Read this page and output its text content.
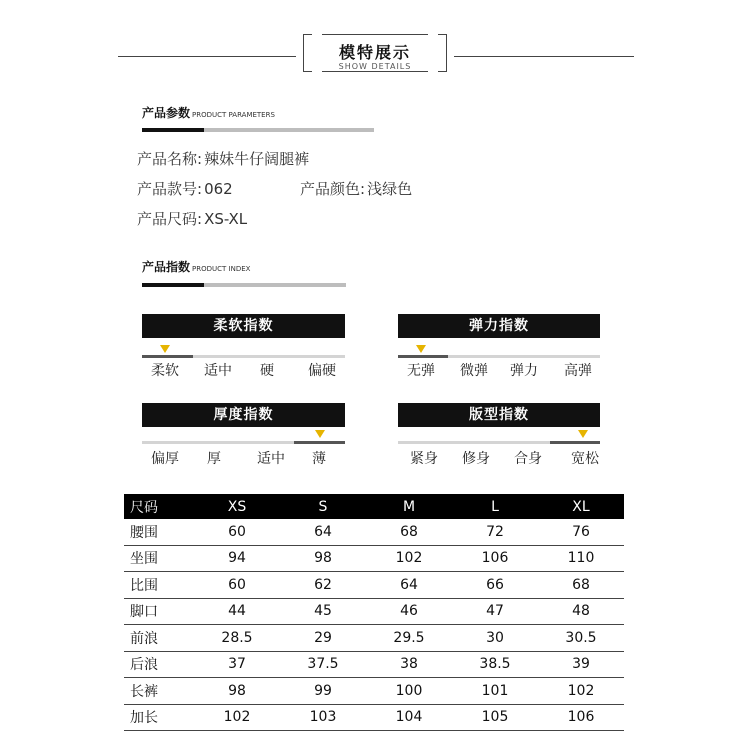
模特展示
SHOW DETAILS
产品参数 PRODUCT PARAMETERS
产品名称: 辣妹牛仔阔腿裤
产品款号: 062	产品颜色: 浅绿色
产品尺码: XS-XL
产品指数 PRODUCT INDEX
柔软指数
柔软	适中	硬	偏硬
弹力指数
无弹	微弹	弹力	高弹
厚度指数
偏厚	厚	适中	薄
版型指数
紧身	修身	合身	宽松
尺码	XS	S	M	L	XL
腰围	60	64	68	72	76
坐围	94	98	102	106	110
比围	60	62	64	66	68
脚口	44	45	46	47	48
前浪	28.5	29	29.5	30	30.5
后浪	37	37.5	38	38.5	39
长裤	98	99	100	101	102
加长	102	103	104	105	106
